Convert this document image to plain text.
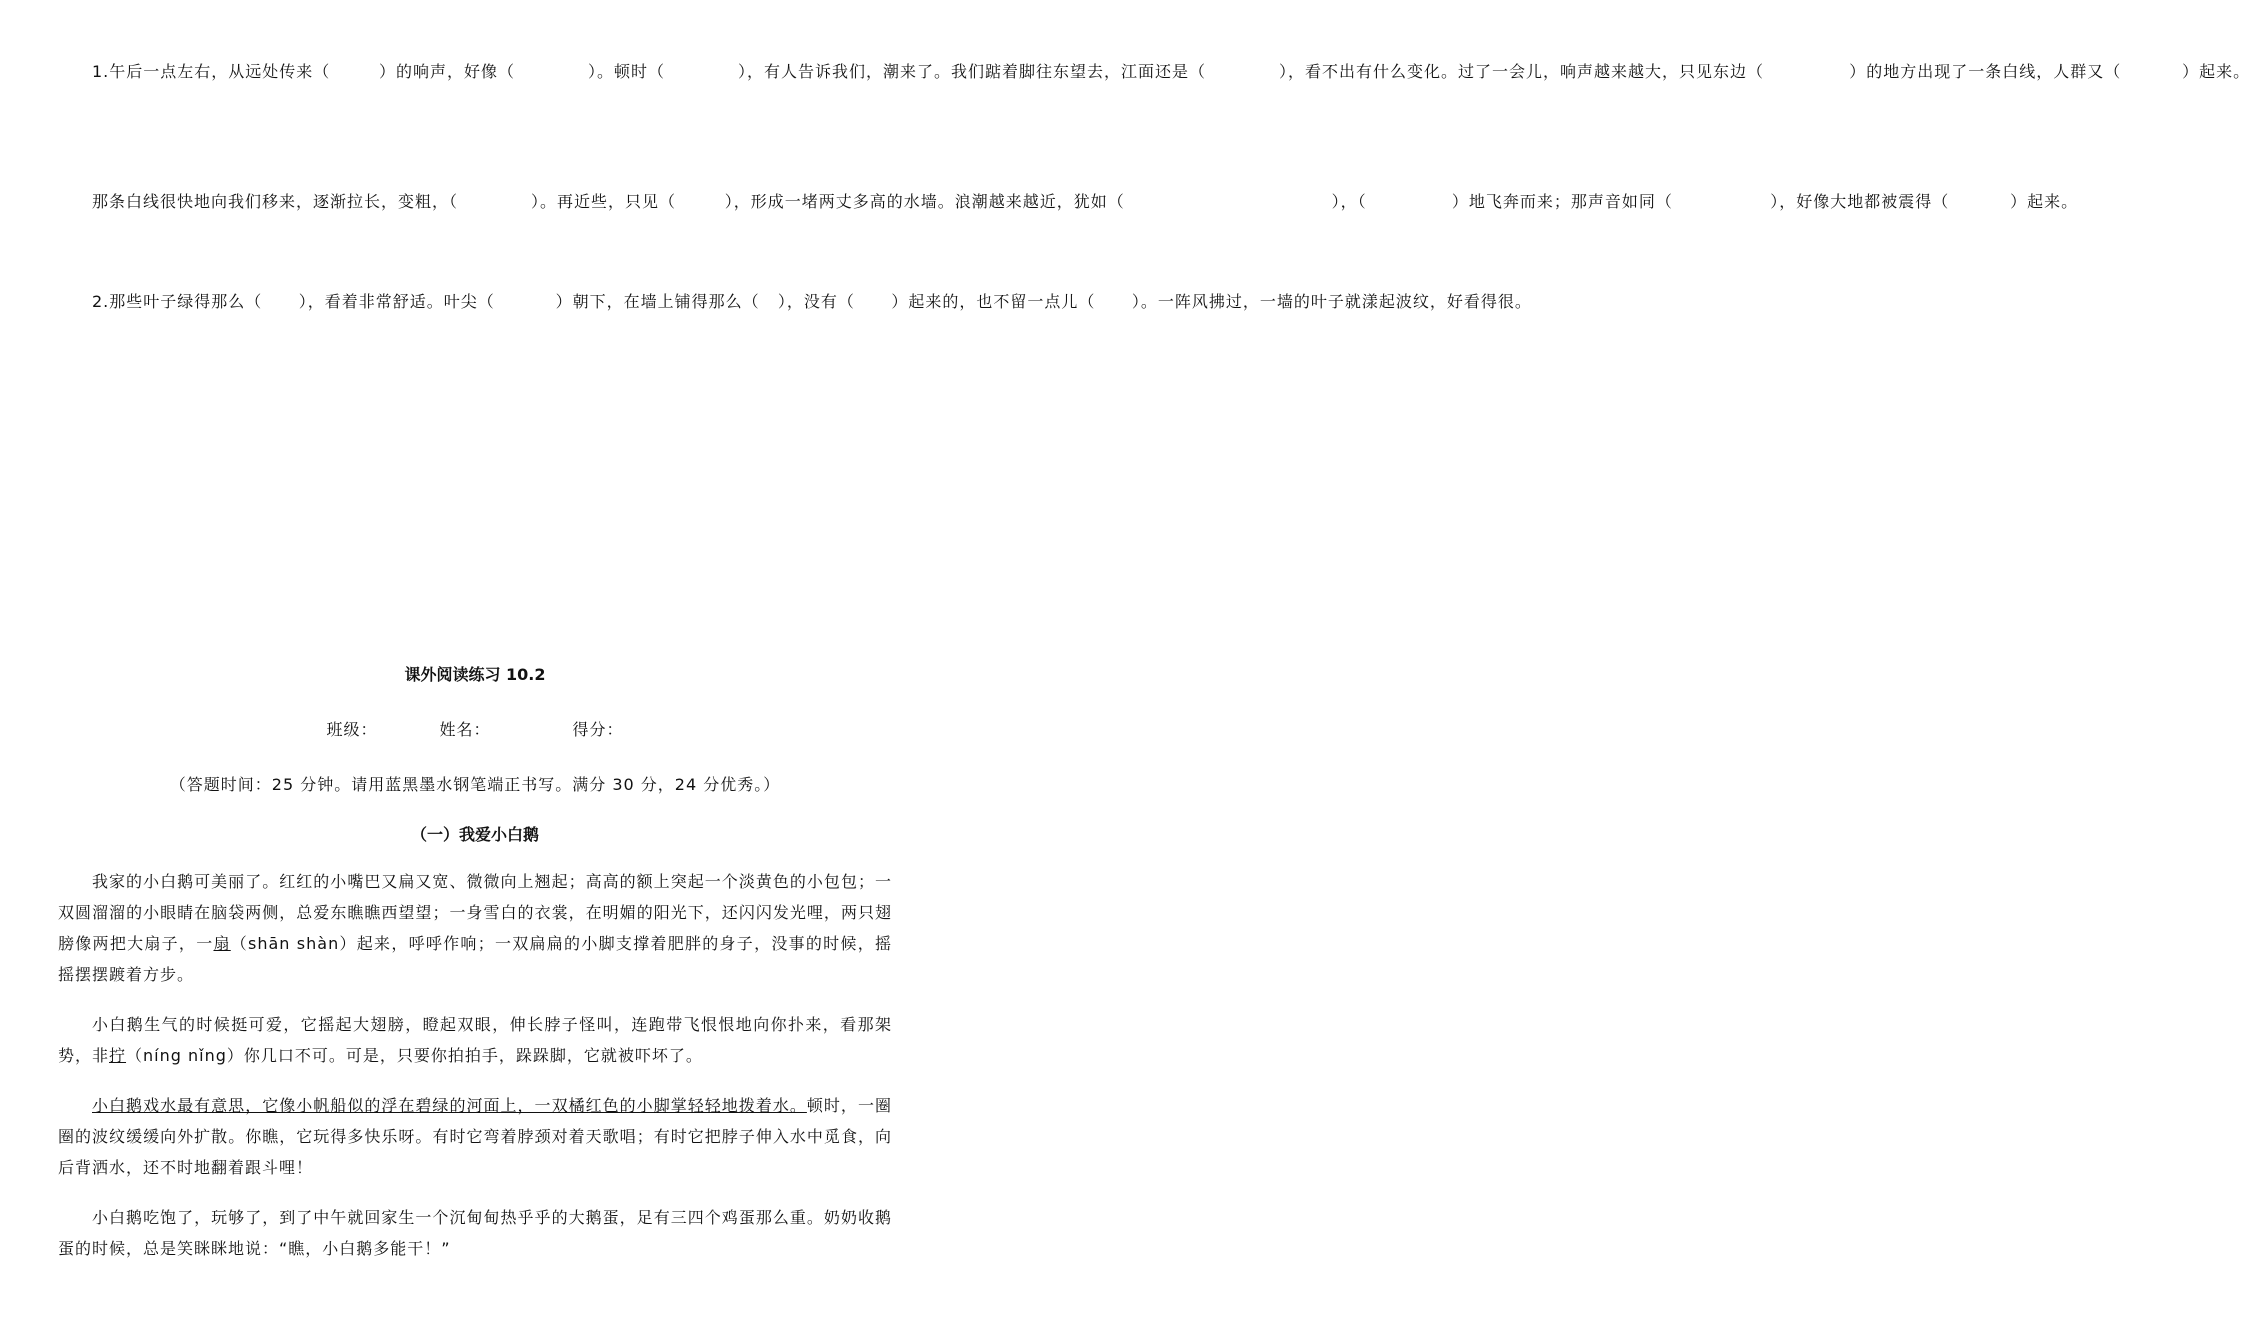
1.午后一点左右，从远处传来（        ）的响声，好像（            ）。顿时（            ），有人告诉我们，潮来了。我们踮着脚往东望去，江面还是（            ），看不出有什么变化。过了一会儿，响声越来越大，只见东边（              ）的地方出现了一条白线，人群又（          ）起来。

那条白线很快地向我们移来，逐渐拉长，变粗，（            ）。再近些，只见（        ），形成一堵两丈多高的水墙。浪潮越来越近，犹如（                                  ），（              ）地飞奔而来；那声音如同（                ），好像大地都被震得（          ）起来。

2.那些叶子绿得那么（      ），看着非常舒适。叶尖（          ）朝下，在墙上铺得那么（   ），没有（      ）起来的，也不留一点儿（      ）。一阵风拂过，一墙的叶子就漾起波纹，好看得很。

课外阅读练习 10.2

班级：	姓名：	得分：

（答题时间：25 分钟。请用蓝黑墨水钢笔端正书写。满分 30 分，24 分优秀。）

（一）我爱小白鹅

我家的小白鹅可美丽了。红红的小嘴巴又扁又宽、微微向上翘起；高高的额上突起一个淡黄色的小包包；一双圆溜溜的小眼睛在脑袋两侧，总爱东瞧瞧西望望；一身雪白的衣裳，在明媚的阳光下，还闪闪发光哩，两只翅膀像两把大扇子，一扇（shān shàn）起来，呼呼作响；一双扁扁的小脚支撑着肥胖的身子，没事的时候，摇摇摆摆踱着方步。

小白鹅生气的时候挺可爱，它摇起大翅膀，瞪起双眼，伸长脖子怪叫，连跑带飞恨恨地向你扑来，看那架势，非拧（níng nǐng）你几口不可。可是，只要你拍拍手，跺跺脚，它就被吓坏了。

小白鹅戏水最有意思，它像小帆船似的浮在碧绿的河面上，一双橘红色的小脚掌轻轻地拨着水。顿时，一圈圈的波纹缓缓向外扩散。你瞧，它玩得多快乐呀。有时它弯着脖颈对着天歌唱；有时它把脖子伸入水中觅食，向后背洒水，还不时地翻着跟斗哩！

小白鹅吃饱了，玩够了，到了中午就回家生一个沉甸甸热乎乎的大鹅蛋，足有三四个鸡蛋那么重。奶奶收鹅蛋的时候，总是笑眯眯地说：“瞧，小白鹅多能干！”
